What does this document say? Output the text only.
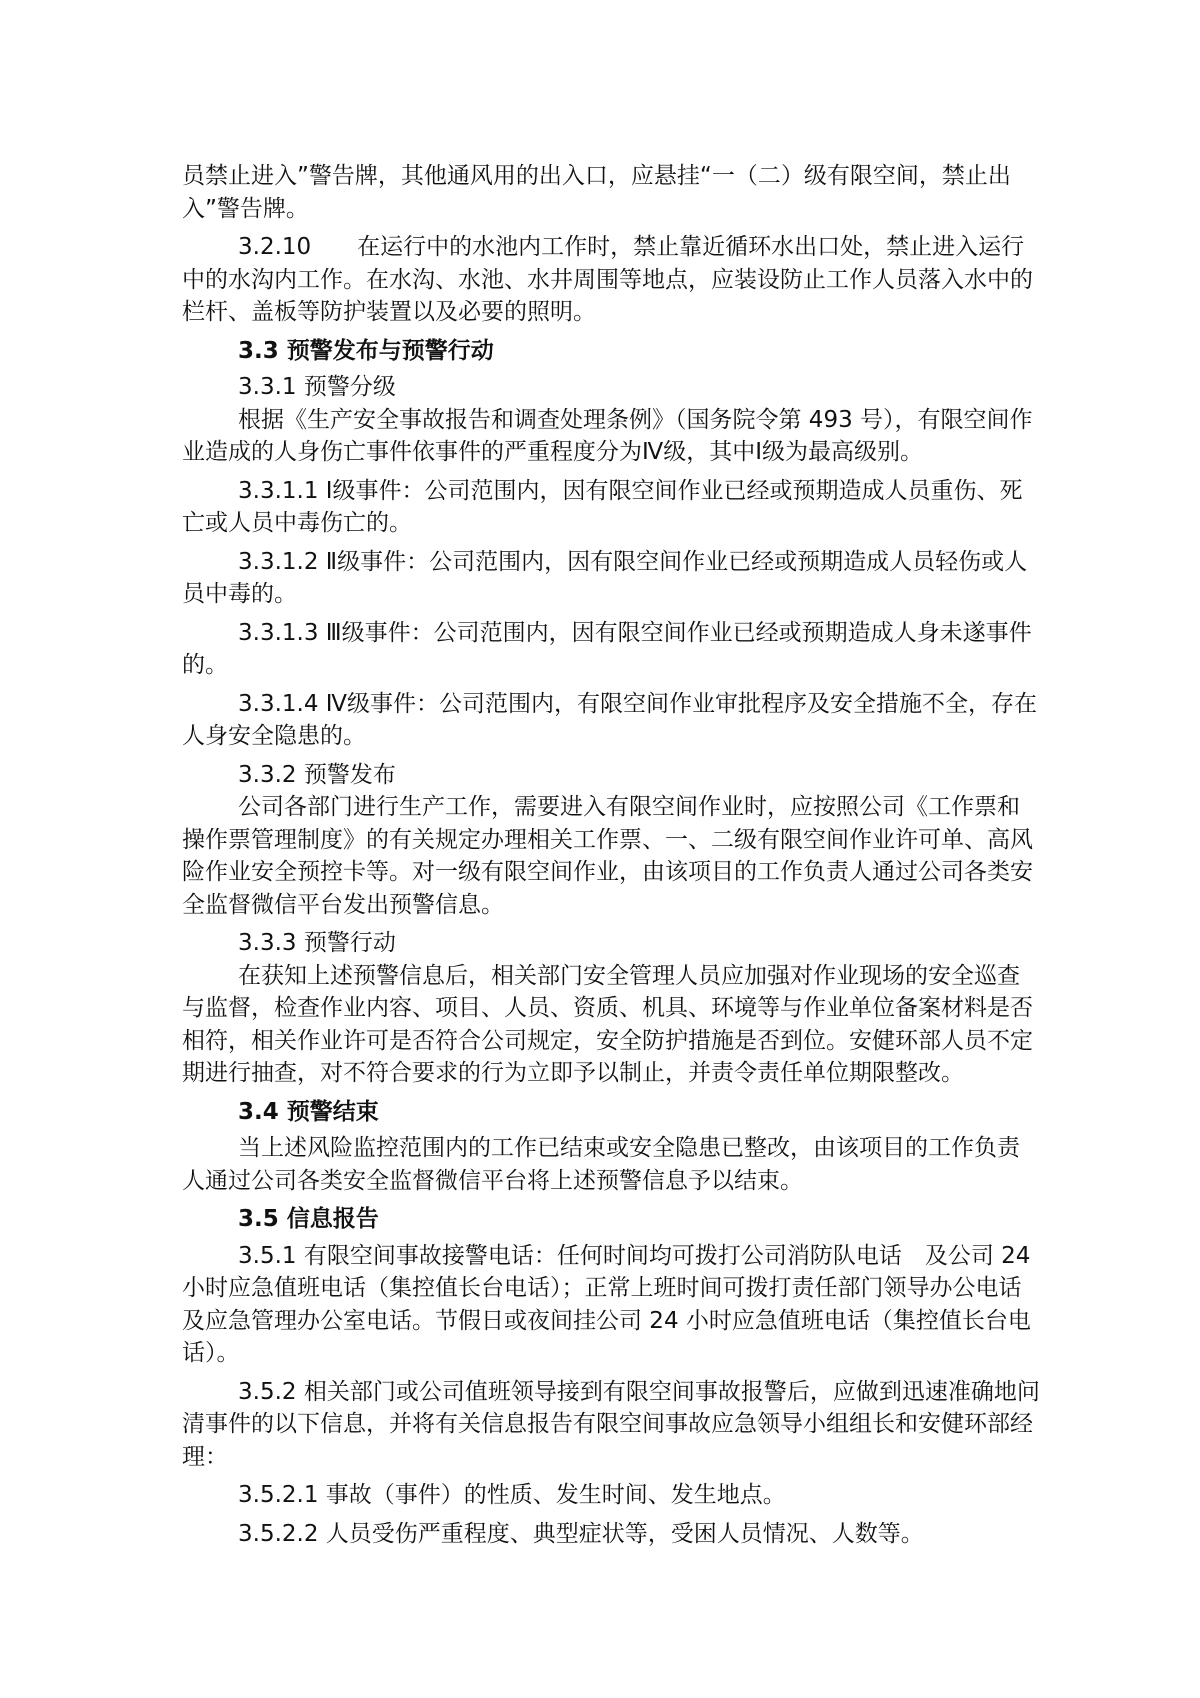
员禁止进入”警告牌，其他通风用的出入口，应悬挂“一（二）级有限空间，禁止出入”警告牌。
3.2.10　　在运行中的水池内工作时，禁止靠近循环水出口处，禁止进入运行中的水沟内工作。在水沟、水池、水井周围等地点，应装设防止工作人员落入水中的栏杆、盖板等防护装置以及必要的照明。
3.3 预警发布与预警行动
3.3.1 预警分级
根据《生产安全事故报告和调查处理条例》（国务院令第 493 号），有限空间作业造成的人身伤亡事件依事件的严重程度分为Ⅳ级，其中Ⅰ级为最高级别。
3.3.1.1 Ⅰ级事件：公司范围内，因有限空间作业已经或预期造成人员重伤、死亡或人员中毒伤亡的。
3.3.1.2 Ⅱ级事件：公司范围内，因有限空间作业已经或预期造成人员轻伤或人员中毒的。
3.3.1.3 Ⅲ级事件：公司范围内，因有限空间作业已经或预期造成人身未遂事件的。
3.3.1.4 Ⅳ级事件：公司范围内，有限空间作业审批程序及安全措施不全，存在人身安全隐患的。
3.3.2 预警发布
公司各部门进行生产工作，需要进入有限空间作业时，应按照公司《工作票和操作票管理制度》的有关规定办理相关工作票、一、二级有限空间作业许可单、高风险作业安全预控卡等。对一级有限空间作业，由该项目的工作负责人通过公司各类安全监督微信平台发出预警信息。
3.3.3 预警行动
在获知上述预警信息后，相关部门安全管理人员应加强对作业现场的安全巡查与监督，检查作业内容、项目、人员、资质、机具、环境等与作业单位备案材料是否相符，相关作业许可是否符合公司规定，安全防护措施是否到位。安健环部人员不定期进行抽查，对不符合要求的行为立即予以制止，并责令责任单位期限整改。
3.4 预警结束
当上述风险监控范围内的工作已结束或安全隐患已整改，由该项目的工作负责人通过公司各类安全监督微信平台将上述预警信息予以结束。
3.5 信息报告
3.5.1 有限空间事故接警电话：任何时间均可拨打公司消防队电话　及公司 24 小时应急值班电话（集控值长台电话）；正常上班时间可拨打责任部门领导办公电话及应急管理办公室电话。节假日或夜间挂公司 24 小时应急值班电话（集控值长台电话）。
3.5.2 相关部门或公司值班领导接到有限空间事故报警后，应做到迅速准确地问清事件的以下信息，并将有关信息报告有限空间事故应急领导小组组长和安健环部经理：
3.5.2.1 事故（事件）的性质、发生时间、发生地点。
3.5.2.2 人员受伤严重程度、典型症状等，受困人员情况、人数等。
